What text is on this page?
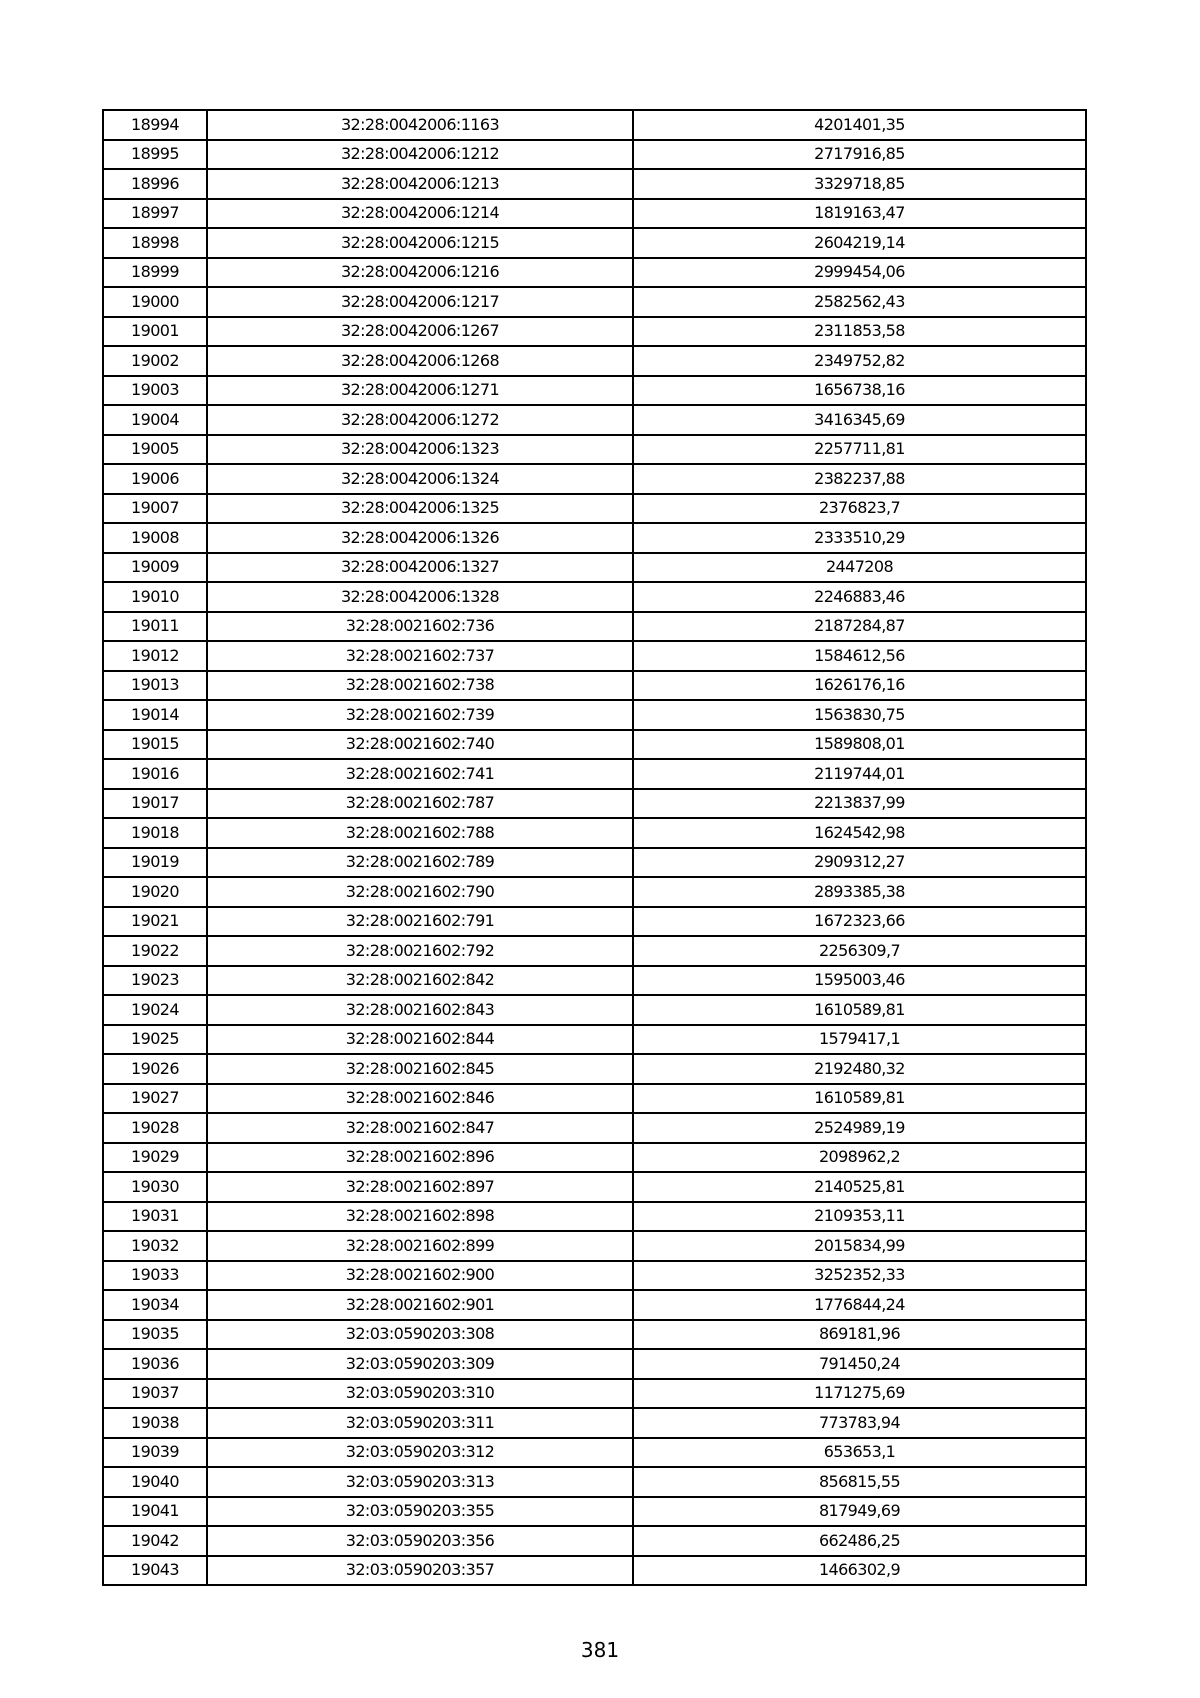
18994	32:28:0042006:1163	4201401,35
18995	32:28:0042006:1212	2717916,85
18996	32:28:0042006:1213	3329718,85
18997	32:28:0042006:1214	1819163,47
18998	32:28:0042006:1215	2604219,14
18999	32:28:0042006:1216	2999454,06
19000	32:28:0042006:1217	2582562,43
19001	32:28:0042006:1267	2311853,58
19002	32:28:0042006:1268	2349752,82
19003	32:28:0042006:1271	1656738,16
19004	32:28:0042006:1272	3416345,69
19005	32:28:0042006:1323	2257711,81
19006	32:28:0042006:1324	2382237,88
19007	32:28:0042006:1325	2376823,7
19008	32:28:0042006:1326	2333510,29
19009	32:28:0042006:1327	2447208
19010	32:28:0042006:1328	2246883,46
19011	32:28:0021602:736	2187284,87
19012	32:28:0021602:737	1584612,56
19013	32:28:0021602:738	1626176,16
19014	32:28:0021602:739	1563830,75
19015	32:28:0021602:740	1589808,01
19016	32:28:0021602:741	2119744,01
19017	32:28:0021602:787	2213837,99
19018	32:28:0021602:788	1624542,98
19019	32:28:0021602:789	2909312,27
19020	32:28:0021602:790	2893385,38
19021	32:28:0021602:791	1672323,66
19022	32:28:0021602:792	2256309,7
19023	32:28:0021602:842	1595003,46
19024	32:28:0021602:843	1610589,81
19025	32:28:0021602:844	1579417,1
19026	32:28:0021602:845	2192480,32
19027	32:28:0021602:846	1610589,81
19028	32:28:0021602:847	2524989,19
19029	32:28:0021602:896	2098962,2
19030	32:28:0021602:897	2140525,81
19031	32:28:0021602:898	2109353,11
19032	32:28:0021602:899	2015834,99
19033	32:28:0021602:900	3252352,33
19034	32:28:0021602:901	1776844,24
19035	32:03:0590203:308	869181,96
19036	32:03:0590203:309	791450,24
19037	32:03:0590203:310	1171275,69
19038	32:03:0590203:311	773783,94
19039	32:03:0590203:312	653653,1
19040	32:03:0590203:313	856815,55
19041	32:03:0590203:355	817949,69
19042	32:03:0590203:356	662486,25
19043	32:03:0590203:357	1466302,9
381
